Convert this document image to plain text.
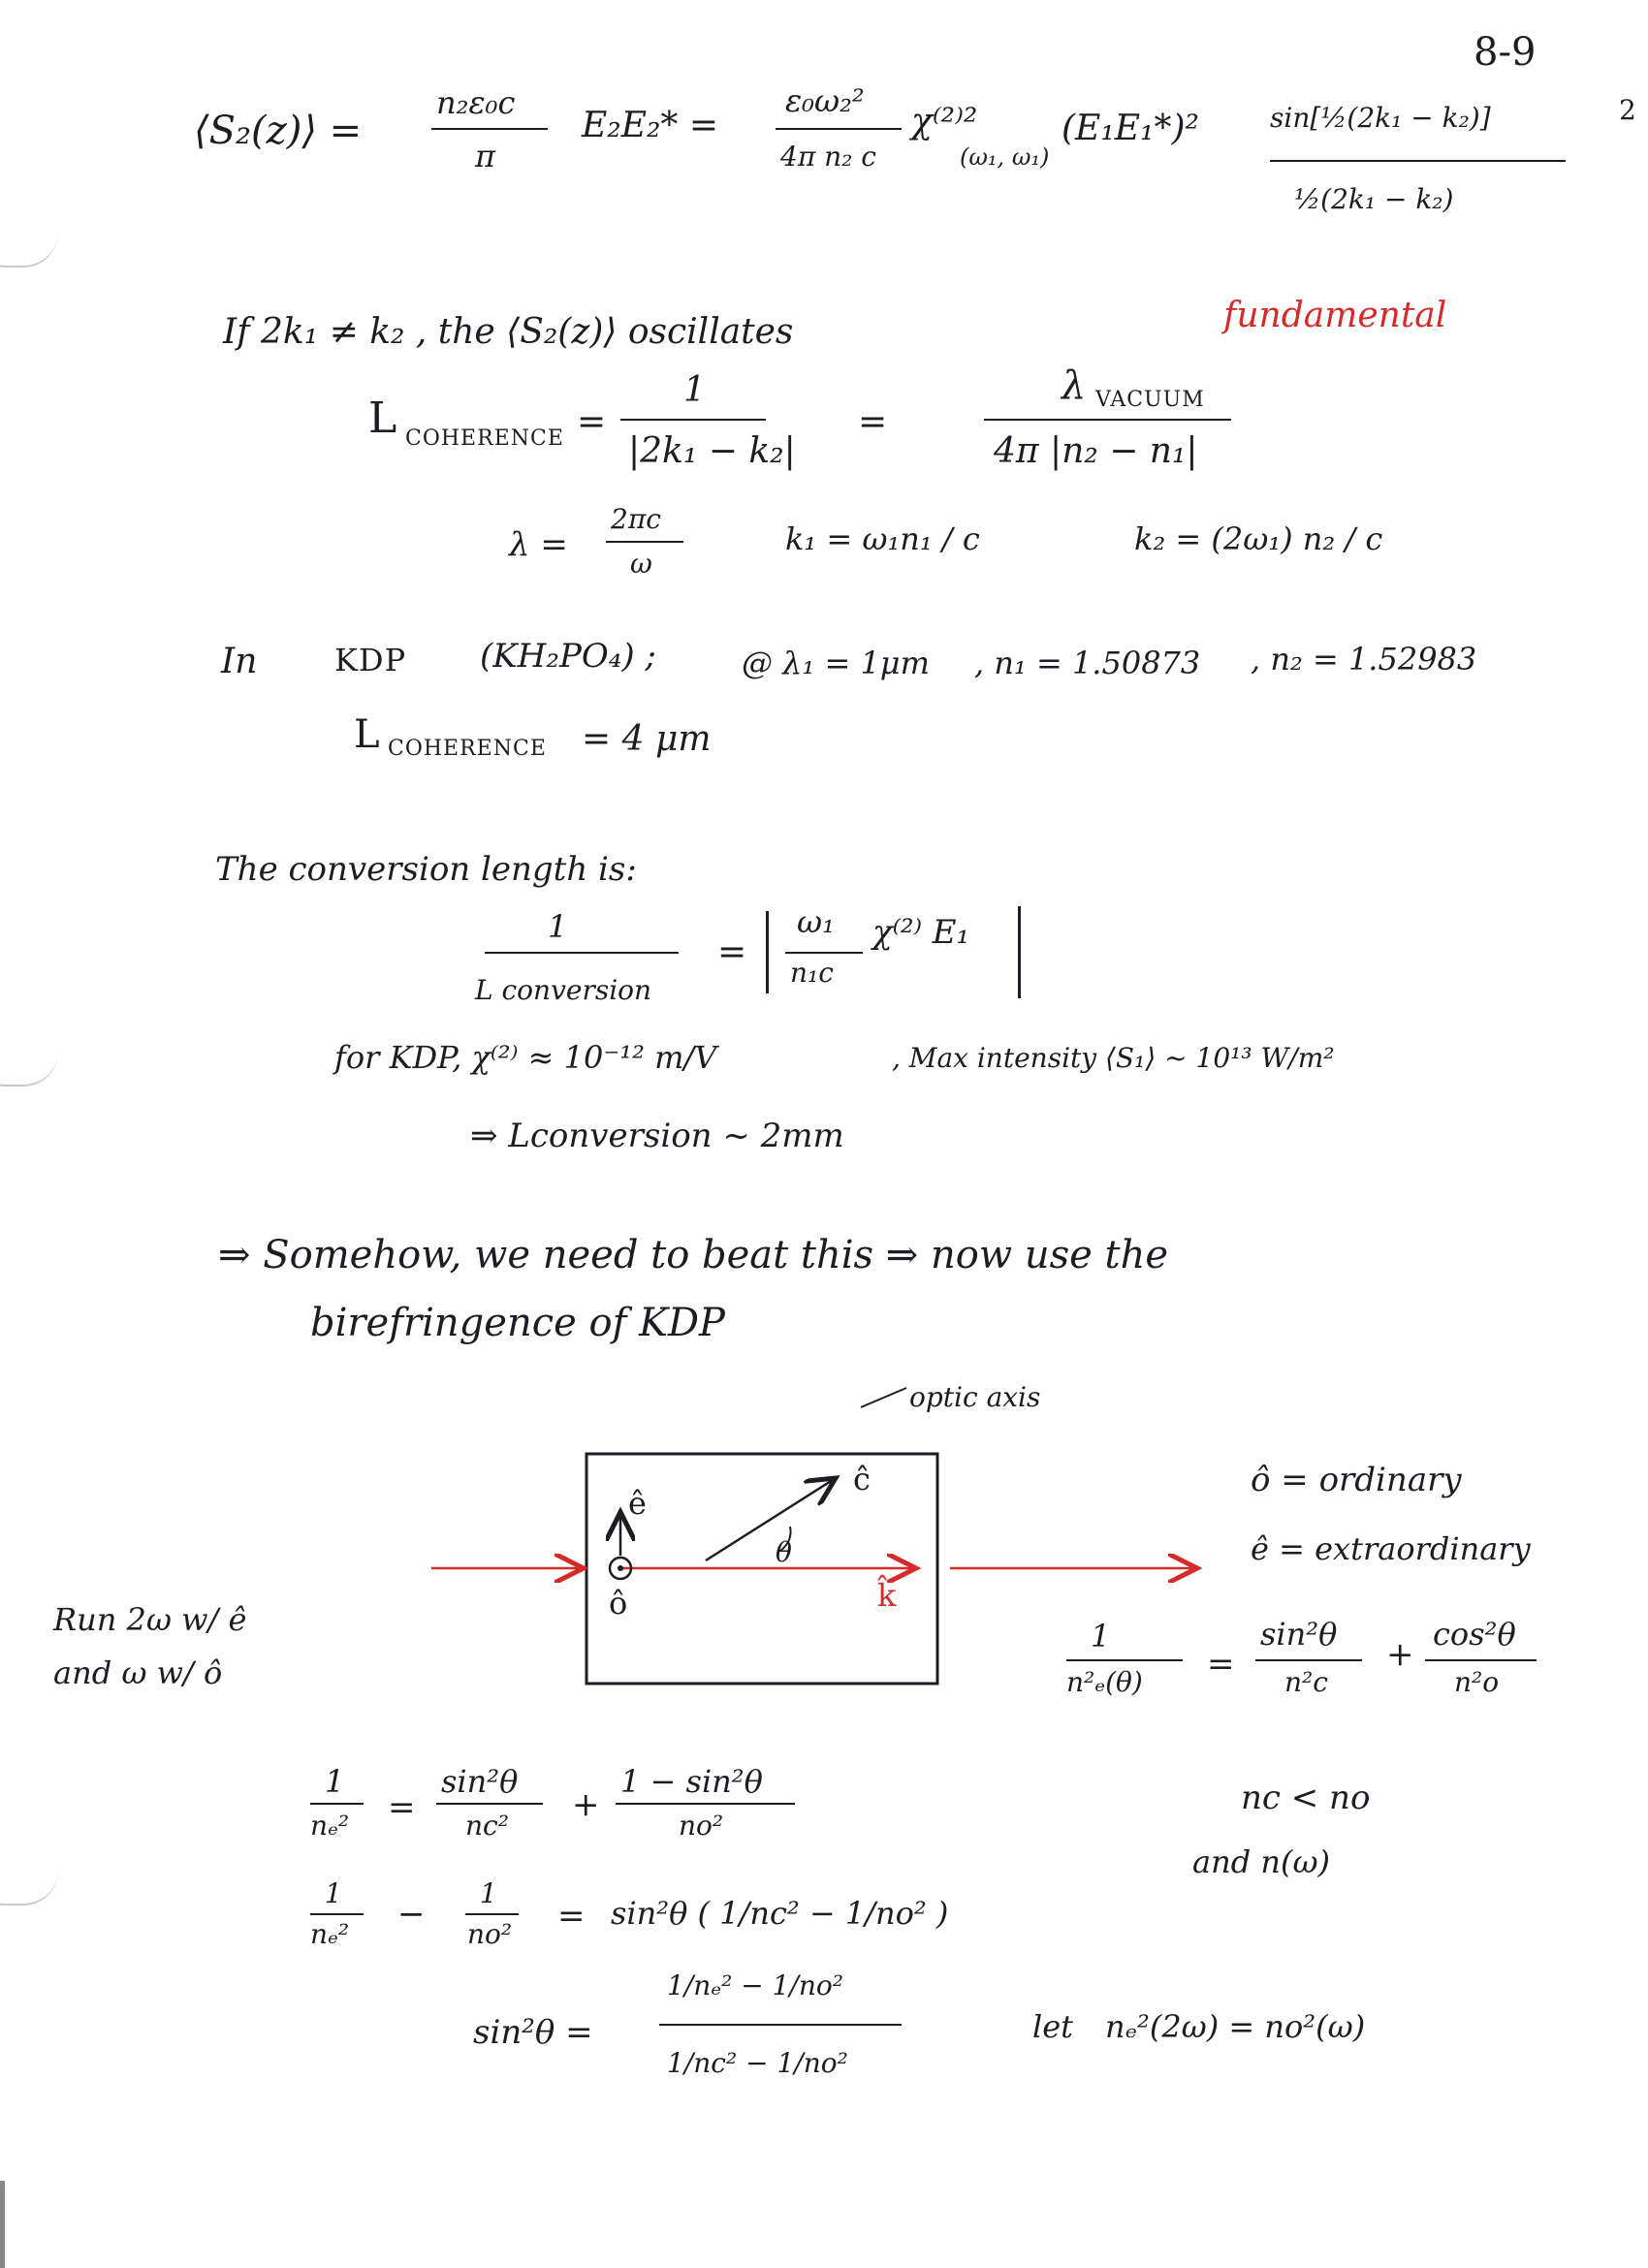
8-9
⟨S₂(z)⟩ =
n₂ε₀c
π
E₂E₂* =
ε₀ω₂²
4π n₂ c
χ⁽²⁾²
(ω₁, ω₁)
(E₁E₁*)²	sin[½(2k₁ − k₂)]
½(2k₁ − k₂)
2
If 2k₁ ≠ k₂ , the ⟨S₂(z)⟩ oscillates	fundamental
L COHERENCE =
1
|2k₁ − k₂|
=
λ VACUUM
4π |n₂ − n₁|
λ =
2πc
ω
k₁ = ω₁n₁ / c	k₂ = (2ω₁) n₂ / c
In KDP (KH₂PO₄) ;	@ λ₁ = 1μm , n₁ = 1.50873 , n₂ = 1.52983
L COHERENCE = 4 μm
The conversion length is:
1
L conversion
=
ω₁
n₁c
χ⁽²⁾ E₁
for KDP, χ⁽²⁾ ≈ 10⁻¹² m/V	, Max intensity ⟨S₁⟩ ~ 10¹³ W/m²
⇒ Lconversion ~ 2mm
⇒ Somehow, we need to beat this ⇒ now use the
birefringence of KDP
optic axis
ĉ
ê
ô
θ
k̂
Run 2ω w/ ê
and ω w/ ô
ô = ordinary
ê = extraordinary
1
n²ₑ(θ) =
sin²θ
n²c
+
cos²θ
n²o
1
nₑ² =
sin²θ
nc²
+
1 − sin²θ
no²
1
nₑ²
−
1
no² = sin²θ ( 1/nc² − 1/no² )
sin²θ =
1/nₑ² − 1/no²
1/nc² − 1/no²
nc < no
and n(ω)
let nₑ²(2ω) = no²(ω)
